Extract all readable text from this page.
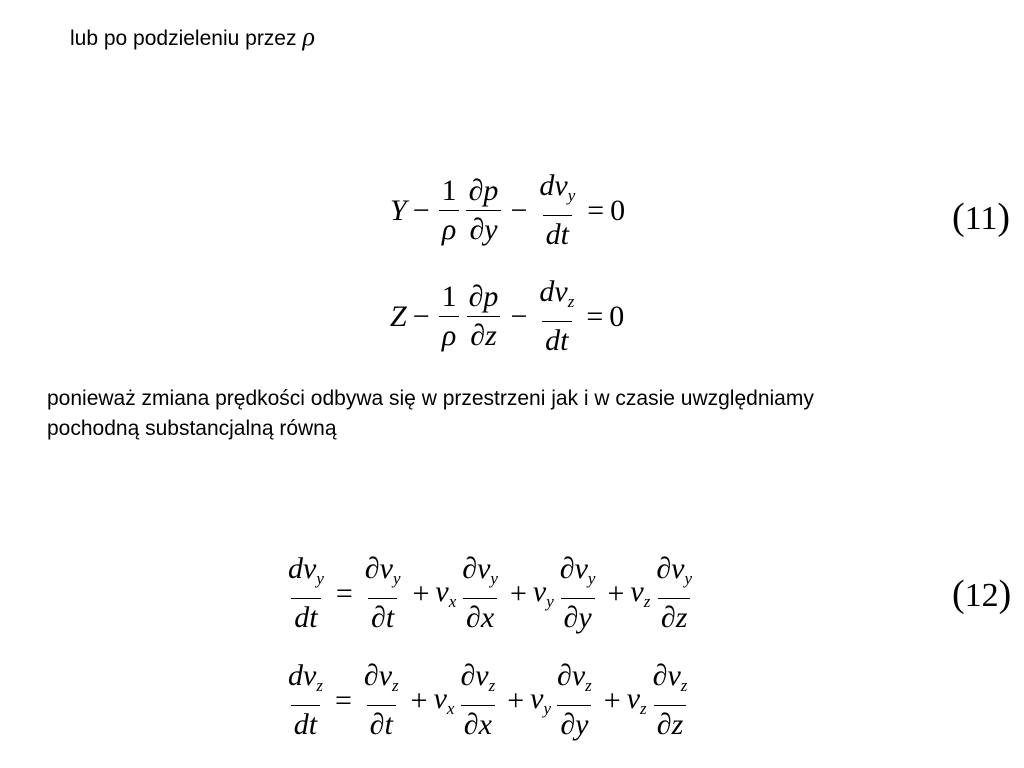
lub po podzieleniu przez ρ
$Y - \frac{1}{\rho} \frac{\partial p}{\partial y} - \frac{dv_y}{dt} = 0$
$Z - \frac{1}{\rho} \frac{\partial p}{\partial z} - \frac{dv_z}{dt} = 0$
(11)
ponieważ zmiana prędkości odbywa się w przestrzeni jak i w czasie uwzględniamy
pochodną substancjalną równą
$\frac{dv_y}{dt} = \frac{\partial v_y}{\partial t} + v_x \frac{\partial v_y}{\partial x} + v_y \frac{\partial v_y}{\partial y} + v_z \frac{\partial v_y}{\partial z}$
$\frac{dv_z}{dt} = \frac{\partial v_z}{\partial t} + v_x \frac{\partial v_z}{\partial x} + v_y \frac{\partial v_z}{\partial y} + v_z \frac{\partial v_z}{\partial z}$
(12)
